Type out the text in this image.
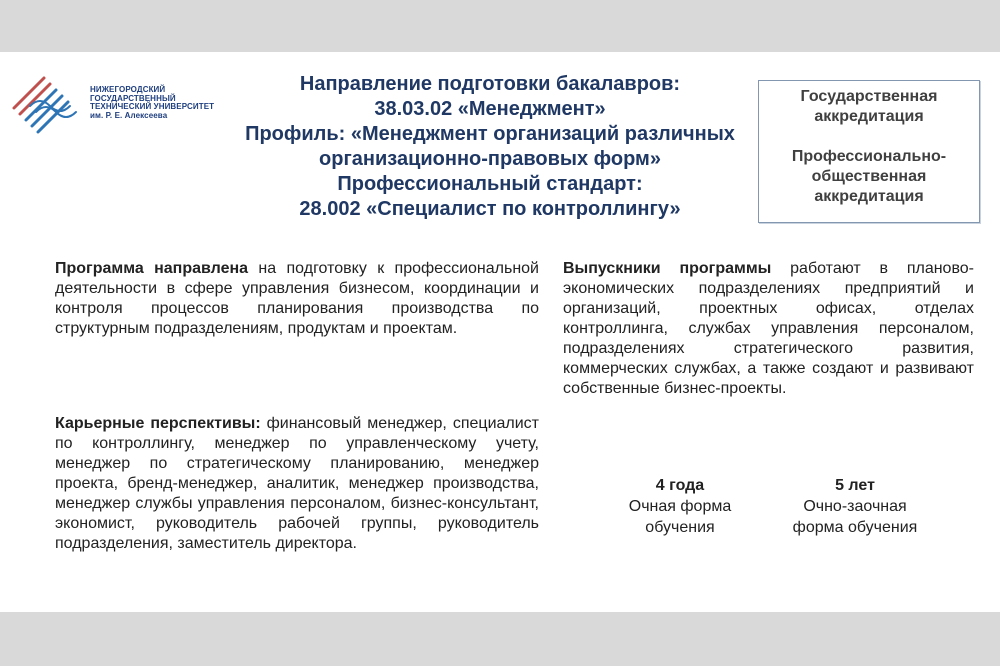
НИЖЕГОРОДСКИЙ ГОСУДАРСТВЕННЫЙ
ТЕХНИЧЕСКИЙ УНИВЕРСИТЕТ
им. Р. Е. Алексеева
Направление подготовки бакалавров:
38.03.02 «Менеджмент»
Профиль: «Менеджмент организаций различных
организационно-правовых форм»
Профессиональный стандарт:
28.002 «Специалист по контроллингу»
Государственная аккредитация
Профессионально-общественная аккредитация
Программа направлена на подготовку к профессиональной деятельности в сфере управления бизнесом, координации и контроля процессов планирования производства по структурным подразделениям, продуктам и проектам.
Карьерные перспективы: финансовый менеджер, специалист по контроллингу, менеджер по управленческому учету, менеджер по стратегическому планированию, менеджер проекта, бренд-менеджер, аналитик, менеджер производства, менеджер службы управления персоналом, бизнес-консультант, экономист, руководитель рабочей группы, руководитель подразделения, заместитель директора.
Выпускники программы работают в планово-экономических подразделениях предприятий и организаций, проектных офисах, отделах контроллинга, службах управления персоналом, подразделениях стратегического развития, коммерческих службах, а также создают и развивают собственные бизнес-проекты.
4 года
Очная форма
обучения
5 лет
Очно-заочная
форма обучения
